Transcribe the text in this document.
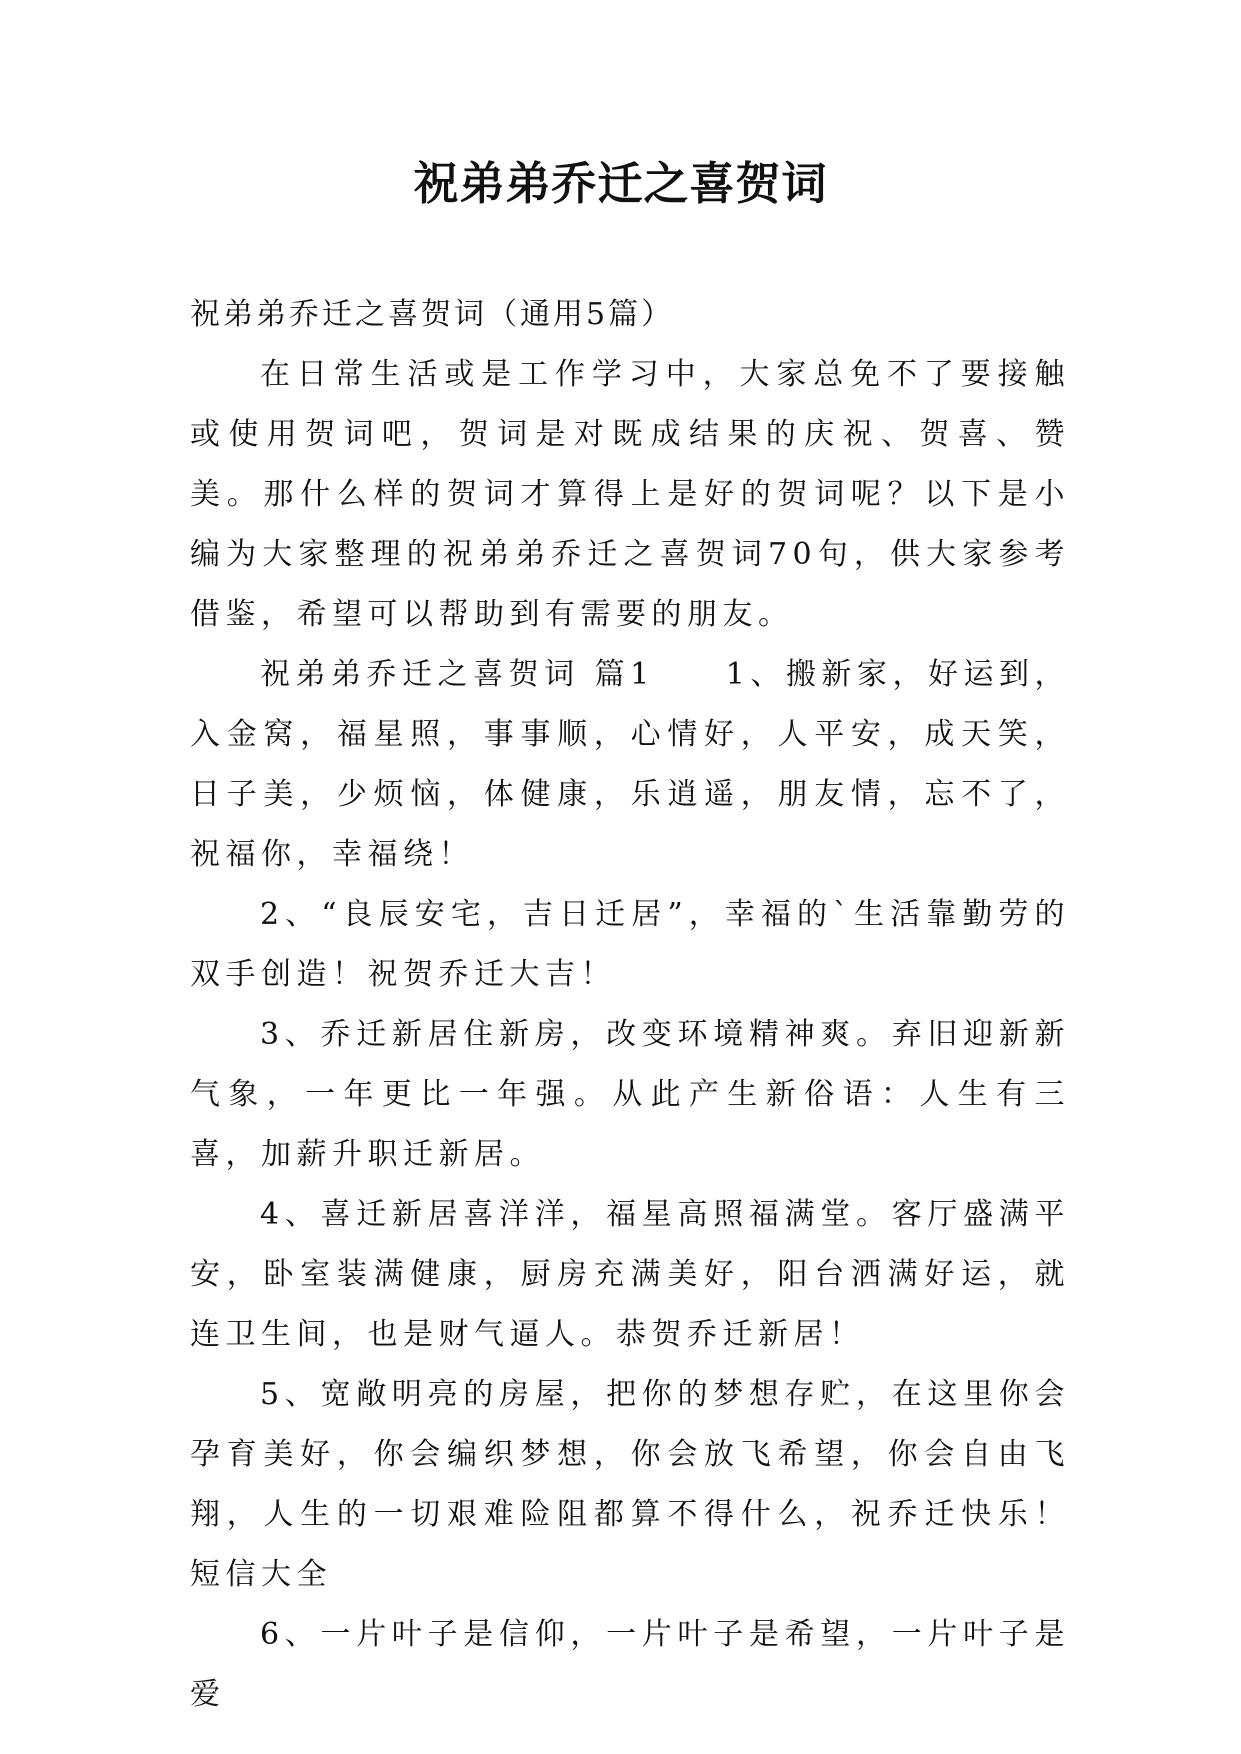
祝弟弟乔迁之喜贺词

祝弟弟乔迁之喜贺词（通用5篇）

在日常生活或是工作学习中，大家总免不了要接触或使用贺词吧，贺词是对既成结果的庆祝、贺喜、赞美。那什么样的贺词才算得上是好的贺词呢？以下是小编为大家整理的祝弟弟乔迁之喜贺词70句，供大家参考借鉴，希望可以帮助到有需要的朋友。

祝弟弟乔迁之喜贺词 篇1　　1、搬新家，好运到，入金窝，福星照，事事顺，心情好，人平安，成天笑，日子美，少烦恼，体健康，乐逍遥，朋友情，忘不了，祝福你，幸福绕！

2、“良辰安宅，吉日迁居”，幸福的`生活靠勤劳的双手创造！祝贺乔迁大吉！

3、乔迁新居住新房，改变环境精神爽。弃旧迎新新气象，一年更比一年强。从此产生新俗语：人生有三喜，加薪升职迁新居。

4、喜迁新居喜洋洋，福星高照福满堂。客厅盛满平安，卧室装满健康，厨房充满美好，阳台洒满好运，就连卫生间，也是财气逼人。恭贺乔迁新居！

5、宽敞明亮的房屋，把你的梦想存贮，在这里你会孕育美好，你会编织梦想，你会放飞希望，你会自由飞翔，人生的一切艰难险阻都算不得什么，祝乔迁快乐！短信大全

6、一片叶子是信仰，一片叶子是希望，一片叶子是爱
